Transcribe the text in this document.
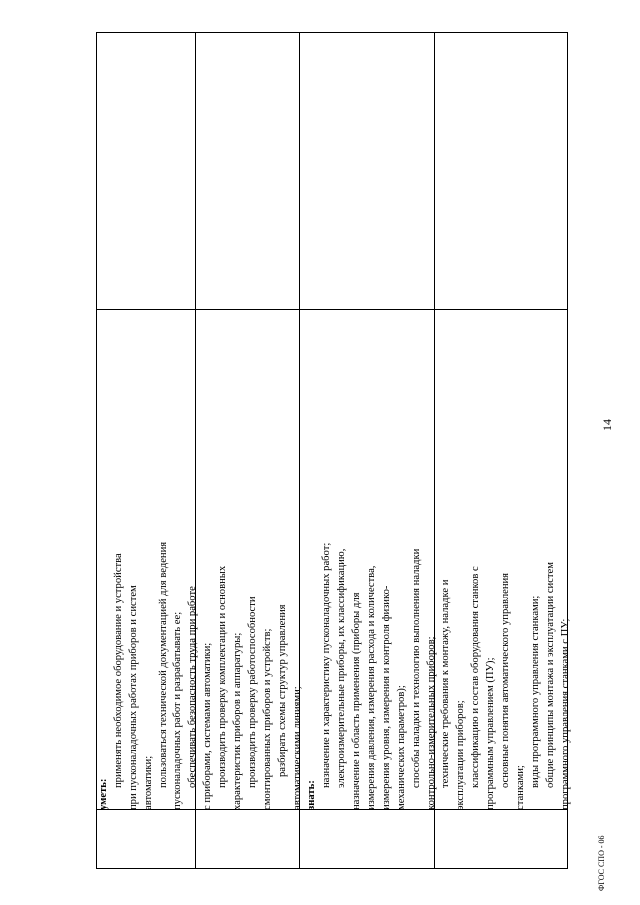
уметь:
применять необходимое оборудование и устройства при пусконаладочных работах приборов и систем автоматики; пользоваться технической документацией для ведения пусконаладочных работ и разрабатывать ее; обеспечивать безопасность труда при работе с приборами, системами автоматики; производить проверку комплектации и основных характеристик приборов и аппаратуры; производить проверку работоспособности смонтированных приборов и устройств; разбирать схемы структур управления автоматическими линиями; знать:
назначение и характеристику пусконаладочных работ; электроизмерительные приборы, их классификацию, назначение и область применения (приборы для измерения давления, измерения расхода и количества, измерения уровня, измерения и контроля физико- механических параметров); способы наладки и технологию выполнения наладки контрольно-измерительных приборов; технические требования к монтажу, наладке и эксплуатации приборов; классификацию и состав оборудования станков с программным управлением (ПУ); основные понятия автоматического управления станками; виды программного управления станками; общие принципы монтажа и эксплуатации систем программного управления станками с ПУ;
14
ФГОС СПО - 06
